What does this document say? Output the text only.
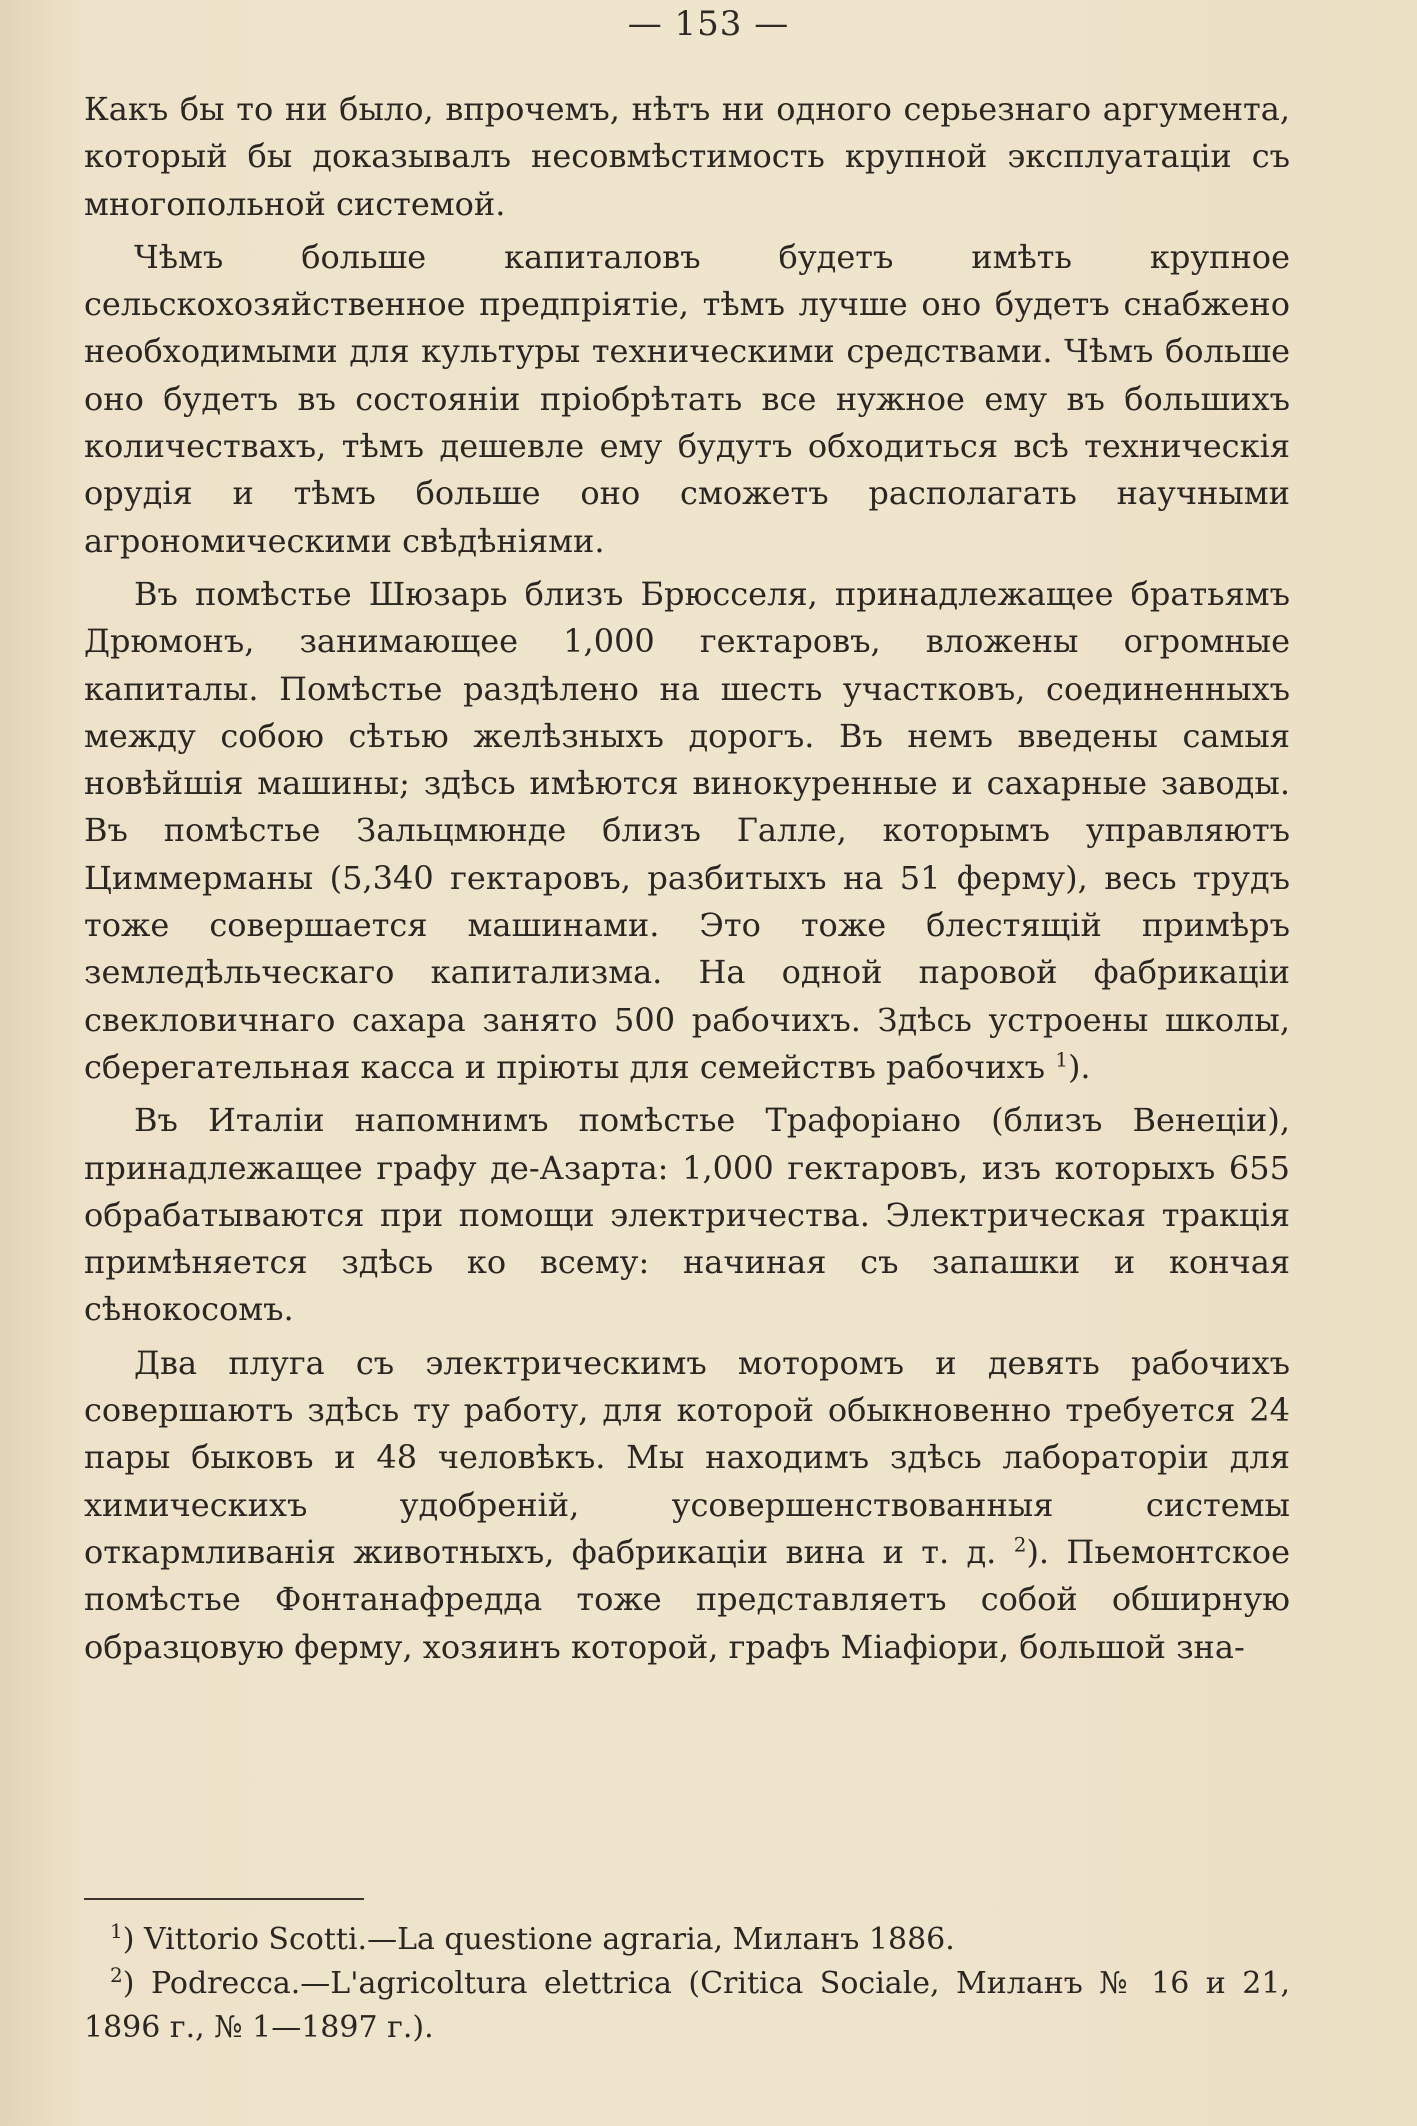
— 153 —

Какъ бы то ни было, впрочемъ, нѣтъ ни одного серьезнаго аргумента, который бы доказывалъ несовмѣстимость крупной эксплуатаціи съ многопольной системой.

Чѣмъ больше капиталовъ будетъ имѣть крупное сельскохозяйственное предпріятіе, тѣмъ лучше оно будетъ снабжено необходимыми для культуры техническими средствами. Чѣмъ больше оно будетъ въ состояніи пріобрѣтать все нужное ему въ большихъ количествахъ, тѣмъ дешевле ему будутъ обходиться всѣ техническія орудія и тѣмъ больше оно сможетъ располагать научными агрономическими свѣдѣніями.

Въ помѣстье Шюзарь близъ Брюсселя, принадлежащее братьямъ Дрюмонъ, занимающее 1,000 гектаровъ, вложены огромные капиталы. Помѣстье раздѣлено на шесть участковъ, соединенныхъ между собою сѣтью желѣзныхъ дорогъ. Въ немъ введены самыя новѣйшія машины; здѣсь имѣются винокуренные и сахарные заводы. Въ помѣстье Зальцмюнде близъ Галле, которымъ управляютъ Циммерманы (5,340 гектаровъ, разбитыхъ на 51 ферму), весь трудъ тоже совершается машинами. Это тоже блестящій примѣръ земледѣльческаго капитализма. На одной паровой фабрикаціи свекловичнаго сахара занято 500 рабочихъ. Здѣсь устроены школы, сберегательная касса и пріюты для семействъ рабочихъ $^1$).

Въ Италіи напомнимъ помѣстье Трафоріано (близъ Венеціи), принадлежащее графу де-Азарта: 1,000 гектаровъ, изъ которыхъ 655 обрабатываются при помощи электричества. Электрическая тракція примѣняется здѣсь ко всему: начиная съ запашки и кончая сѣнокосомъ.

Два плуга съ электрическимъ моторомъ и девять рабочихъ совершаютъ здѣсь ту работу, для которой обыкновенно требуется 24 пары быковъ и 48 человѣкъ. Мы находимъ здѣсь лабораторіи для химическихъ удобреній, усовершенствованныя системы откармливанія животныхъ, фабрикаціи вина и т. д. $^2$). Пьемонтское помѣстье Фонтанафредда тоже представляетъ собой обширную образцовую ферму, хозяинъ которой, графъ Міафіори, большой зна-

$^1$) Vittorio Scotti.—La questione agraria, Миланъ 1886.

$^2$) Podrecca.—L'agricoltura elettrica (Critica Sociale, Миланъ № 16 и 21, 1896 г., № 1—1897 г.).
